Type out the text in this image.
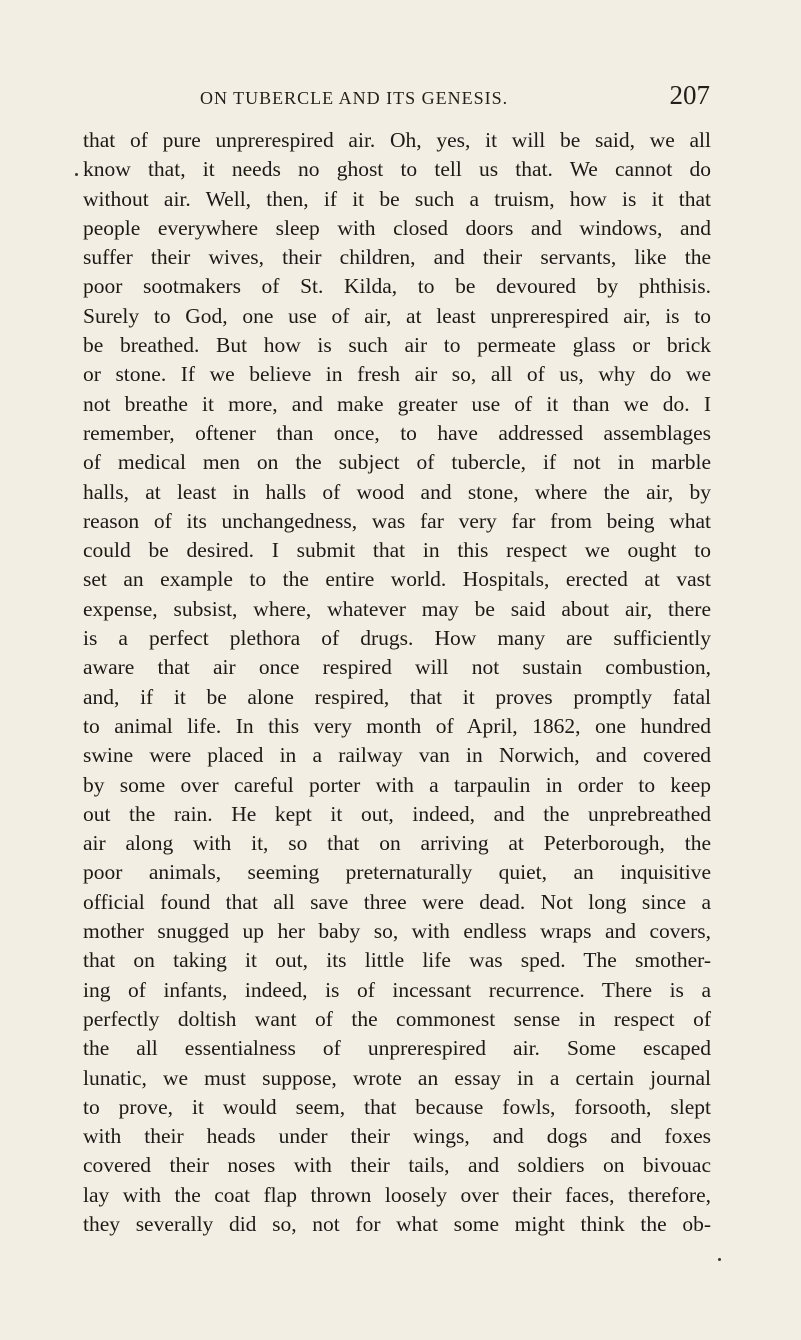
ON TUBERCLE AND ITS GENESIS.	207
that of pure unprerespired air. Oh, yes, it will be said, we all
know that, it needs no ghost to tell us that. We cannot do
without air. Well, then, if it be such a truism, how is it that
people everywhere sleep with closed doors and windows, and
suffer their wives, their children, and their servants, like the
poor sootmakers of St. Kilda, to be devoured by phthisis.
Surely to God, one use of air, at least unprerespired air, is to
be breathed. But how is such air to permeate glass or brick
or stone. If we believe in fresh air so, all of us, why do we
not breathe it more, and make greater use of it than we do. I
remember, oftener than once, to have addressed assemblages
of medical men on the subject of tubercle, if not in marble
halls, at least in halls of wood and stone, where the air, by
reason of its unchangedness, was far very far from being what
could be desired. I submit that in this respect we ought to
set an example to the entire world. Hospitals, erected at vast
expense, subsist, where, whatever may be said about air, there
is a perfect plethora of drugs. How many are sufficiently
aware that air once respired will not sustain combustion,
and, if it be alone respired, that it proves promptly fatal
to animal life. In this very month of April, 1862, one hundred
swine were placed in a railway van in Norwich, and covered
by some over careful porter with a tarpaulin in order to keep
out the rain. He kept it out, indeed, and the unprebreathed
air along with it, so that on arriving at Peterborough, the
poor animals, seeming preternaturally quiet, an inquisitive
official found that all save three were dead. Not long since a
mother snugged up her baby so, with endless wraps and covers,
that on taking it out, its little life was sped. The smother-
ing of infants, indeed, is of incessant recurrence. There is a
perfectly doltish want of the commonest sense in respect of
the all essentialness of unprerespired air. Some escaped
lunatic, we must suppose, wrote an essay in a certain journal
to prove, it would seem, that because fowls, forsooth, slept
with their heads under their wings, and dogs and foxes
covered their noses with their tails, and soldiers on bivouac
lay with the coat flap thrown loosely over their faces, therefore,
they severally did so, not for what some might think the ob-
